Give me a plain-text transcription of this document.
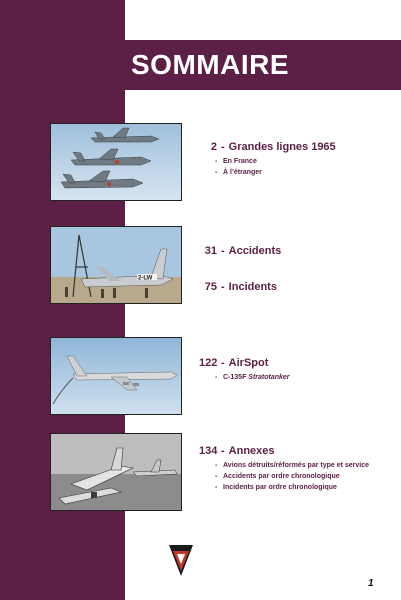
SOMMAIRE
2-LW
2 - Grandes lignes 1965
- En France
- À l’étranger
31 - Accidents
75 - Incidents
122 - AirSpot
- C-135F Stratotanker
134 - Annexes
- Avions détruits/réformés par type et service
- Accidents par ordre chronologique
- Incidents par ordre chronologique
1
